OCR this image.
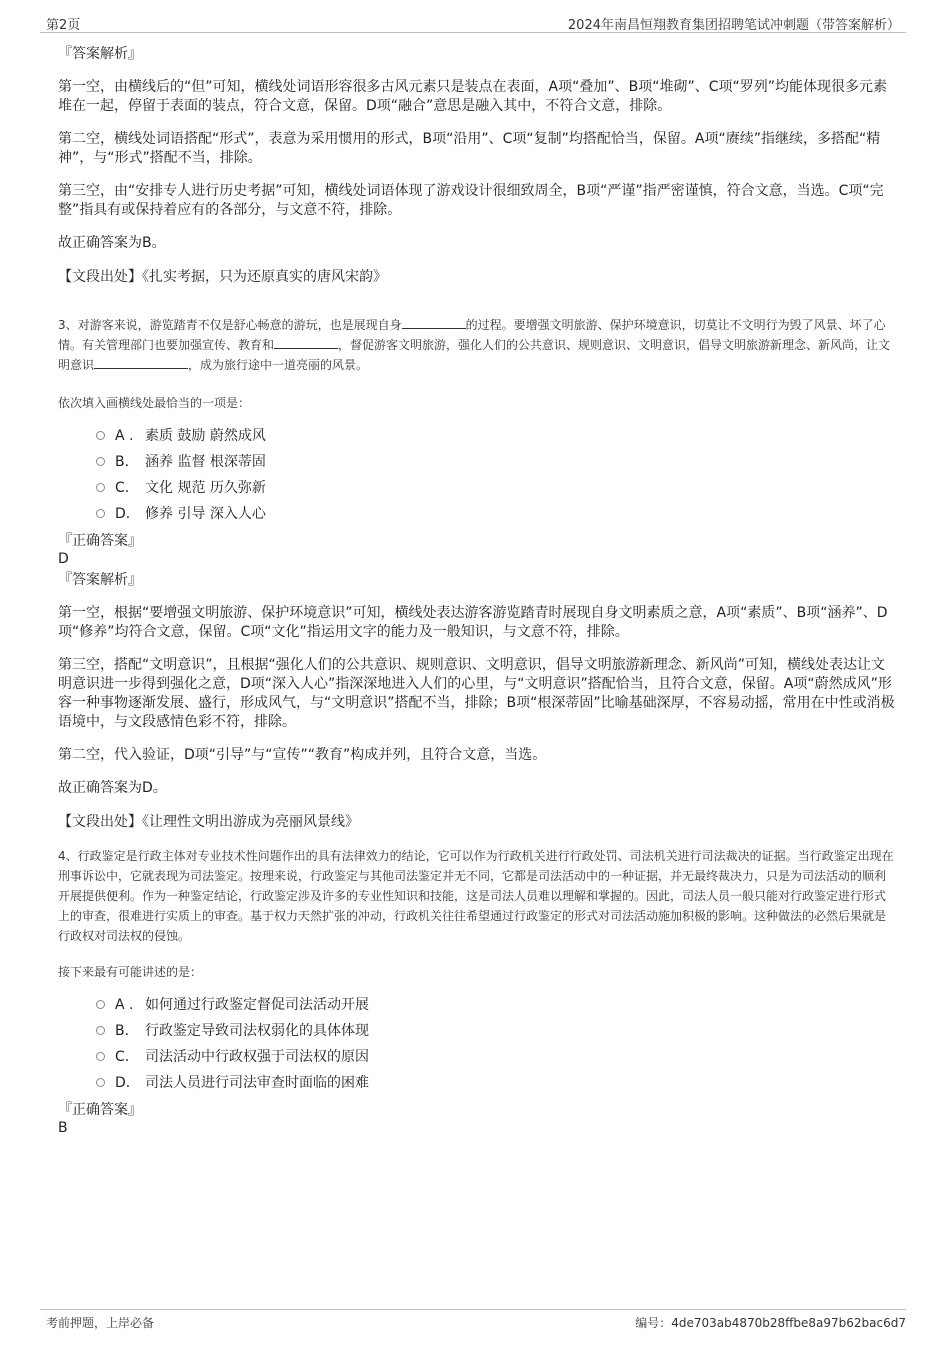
第2页	2024年南昌恒翔教育集团招聘笔试冲刺题（带答案解析）

『答案解析』

第一空，由横线后的“但”可知，横线处词语形容很多古风元素只是装点在表面，A项“叠加”、B项“堆砌”、C项“罗列”均能体现很多元素堆在一起，停留于表面的装点，符合文意，保留。D项“融合”意思是融入其中，不符合文意，排除。

第二空，横线处词语搭配“形式”，表意为采用惯用的形式，B项“沿用”、C项“复制”均搭配恰当，保留。A项“赓续”指继续，多搭配“精神”，与“形式”搭配不当，排除。

第三空，由“安排专人进行历史考据”可知，横线处词语体现了游戏设计很细致周全，B项“严谨”指严密谨慎，符合文意，当选。C项“完整”指具有或保持着应有的各部分，与文意不符，排除。

故正确答案为B。

【文段出处】《扎实考据，只为还原真实的唐风宋韵》

3、对游客来说，游览踏青不仅是舒心畅意的游玩，也是展现自身	的过程。要增强文明旅游、保护环境意识，切莫让不文明行为毁了风景、坏了心情。有关管理部门也要加强宣传、教育和	，督促游客文明旅游，强化人们的公共意识、规则意识、文明意识，倡导文明旅游新理念、新风尚，让文明意识	，成为旅行途中一道亮丽的风景。

依次填入画横线处最恰当的一项是：

A . 素质 鼓励 蔚然成风
B. 涵养 监督 根深蒂固
C. 文化 规范 历久弥新
D. 修养 引导 深入人心

『正确答案』

D

『答案解析』

第一空，根据“要增强文明旅游、保护环境意识”可知，横线处表达游客游览踏青时展现自身文明素质之意，A项“素质”、B项“涵养”、D项“修养”均符合文意，保留。C项“文化”指运用文字的能力及一般知识，与文意不符，排除。

第三空，搭配“文明意识”，且根据“强化人们的公共意识、规则意识、文明意识，倡导文明旅游新理念、新风尚”可知，横线处表达让文明意识进一步得到强化之意，D项“深入人心”指深深地进入人们的心里，与“文明意识”搭配恰当，且符合文意，保留。A项“蔚然成风”形容一种事物逐渐发展、盛行，形成风气，与“文明意识”搭配不当，排除；B项“根深蒂固”比喻基础深厚，不容易动摇，常用在中性或消极语境中，与文段感情色彩不符，排除。

第二空，代入验证，D项“引导”与“宣传”“教育”构成并列，且符合文意，当选。

故正确答案为D。

【文段出处】《让理性文明出游成为亮丽风景线》

4、行政鉴定是行政主体对专业技术性问题作出的具有法律效力的结论，它可以作为行政机关进行行政处罚、司法机关进行司法裁决的证据。当行政鉴定出现在刑事诉讼中，它就表现为司法鉴定。按理来说，行政鉴定与其他司法鉴定并无不同，它都是司法活动中的一种证据，并无最终裁决力，只是为司法活动的顺利开展提供便利。作为一种鉴定结论，行政鉴定涉及许多的专业性知识和技能，这是司法人员难以理解和掌握的。因此，司法人员一般只能对行政鉴定进行形式上的审查，很难进行实质上的审查。基于权力天然扩张的冲动，行政机关往往希望通过行政鉴定的形式对司法活动施加积极的影响。这种做法的必然后果就是行政权对司法权的侵蚀。

接下来最有可能讲述的是：

A . 如何通过行政鉴定督促司法活动开展
B. 行政鉴定导致司法权弱化的具体体现
C. 司法活动中行政权强于司法权的原因
D. 司法人员进行司法审查时面临的困难

『正确答案』

B

考前押题，上岸必备	编号：4de703ab4870b28ffbe8a97b62bac6d7
